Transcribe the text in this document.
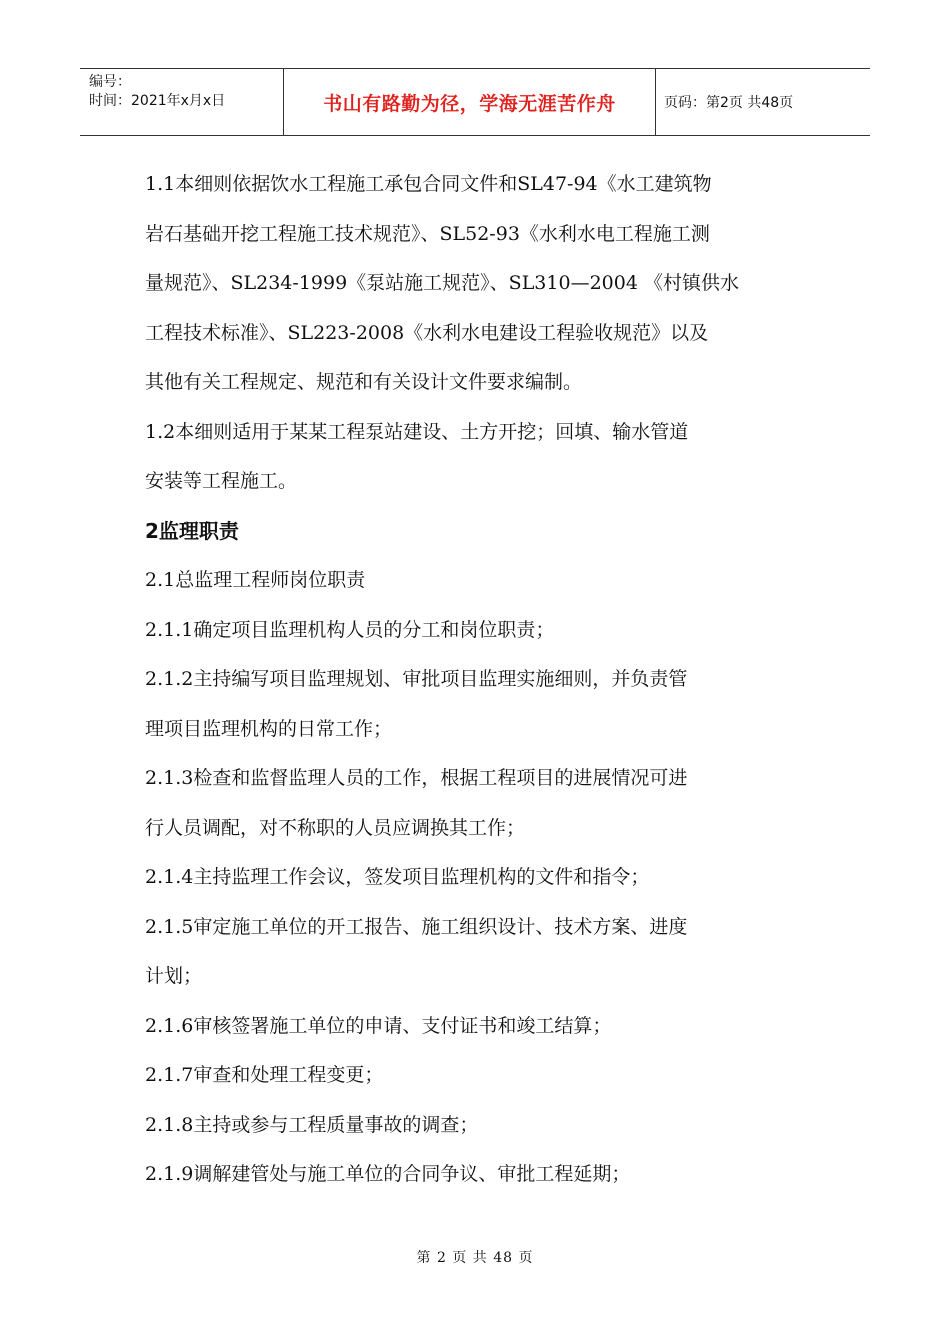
编号：
时间：2021年x月x日	书山有路勤为径，学海无涯苦作舟	页码：第2页 共48页

1.1本细则依据饮水工程施工承包合同文件和SL47-94《水工建筑物

岩石基础开挖工程施工技术规范》、SL52-93《水利水电工程施工测

量规范》、SL234-1999《泵站施工规范》、SL310—2004 《村镇供水

工程技术标准》、SL223-2008《水利水电建设工程验收规范》以及

其他有关工程规定、规范和有关设计文件要求编制。

1.2本细则适用于某某工程泵站建设、土方开挖；回填、输水管道

安装等工程施工。

2监理职责

2.1总监理工程师岗位职责

2.1.1确定项目监理机构人员的分工和岗位职责；

2.1.2主持编写项目监理规划、审批项目监理实施细则，并负责管

理项目监理机构的日常工作；

2.1.3检查和监督监理人员的工作，根据工程项目的进展情况可进

行人员调配，对不称职的人员应调换其工作；

2.1.4主持监理工作会议，签发项目监理机构的文件和指令；

2.1.5审定施工单位的开工报告、施工组织设计、技术方案、进度

计划；

2.1.6审核签署施工单位的申请、支付证书和竣工结算；

2.1.7审查和处理工程变更；

2.1.8主持或参与工程质量事故的调查；

2.1.9调解建管处与施工单位的合同争议、审批工程延期；

第 2 页 共 48 页
